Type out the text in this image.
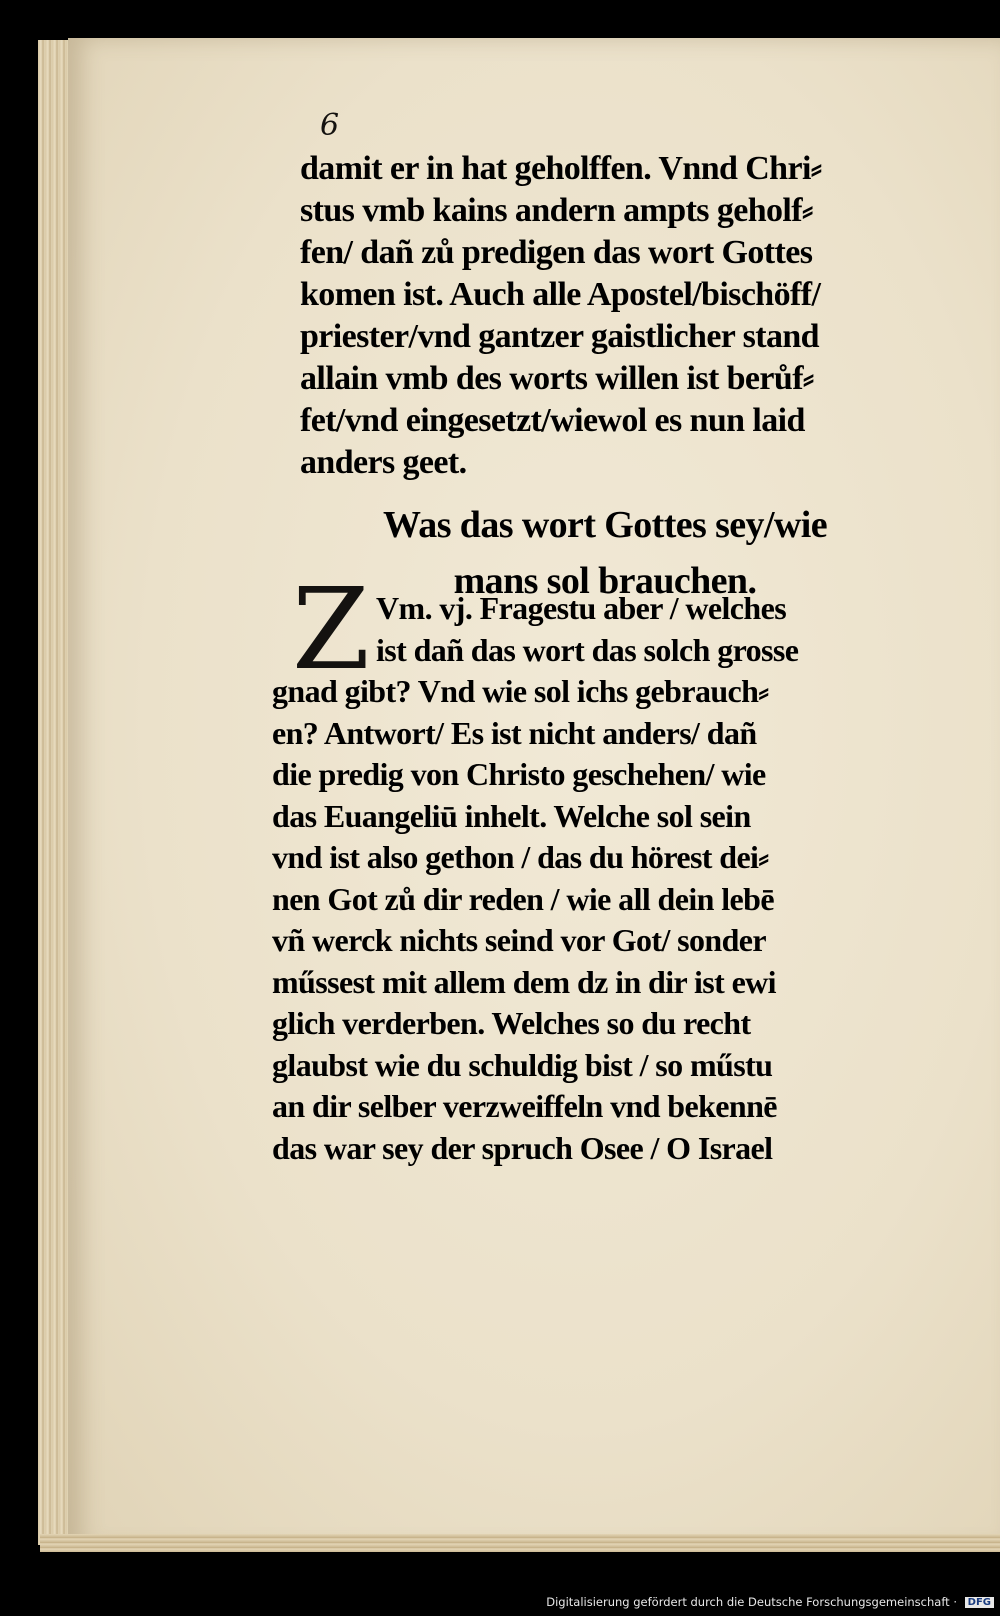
6
damit er in hat geholffen. Vnnd Chri⸗
stus vmb kains andern ampts geholf⸗
fen/ dañ zů predigen das wort Gottes
komen ist. Auch alle Apostel/bischöff/
priester/vnd gantzer gaistlicher stand
allain vmb des worts willen ist berůf⸗
fet/vnd eingesetzt/wiewol es nun laid
anders geet.
Was das wort Gottes sey/wie
mans sol brauchen.
Z Vm. vj. Fragestu aber / welches
ist dañ das wort das solch grosse
gnad gibt? Vnd wie sol ichs gebrauch⸗
en? Antwort/ Es ist nicht anders/ dañ
die predig von Christo geschehen/ wie
das Euangeliū inhelt. Welche sol sein
vnd ist also gethon / das du hörest dei⸗
nen Got zů dir reden / wie all dein lebē
vñ werck nichts seind vor Got/ sonder
műssest mit allem dem dz in dir ist ewi
glich verderben. Welches so du recht
glaubst wie du schuldig bist / so műstu
an dir selber verzweiffeln vnd bekennē
das war sey der spruch Osee / O Israel
Digitalisierung gefördert durch die Deutsche Forschungsgemeinschaft · DFG
